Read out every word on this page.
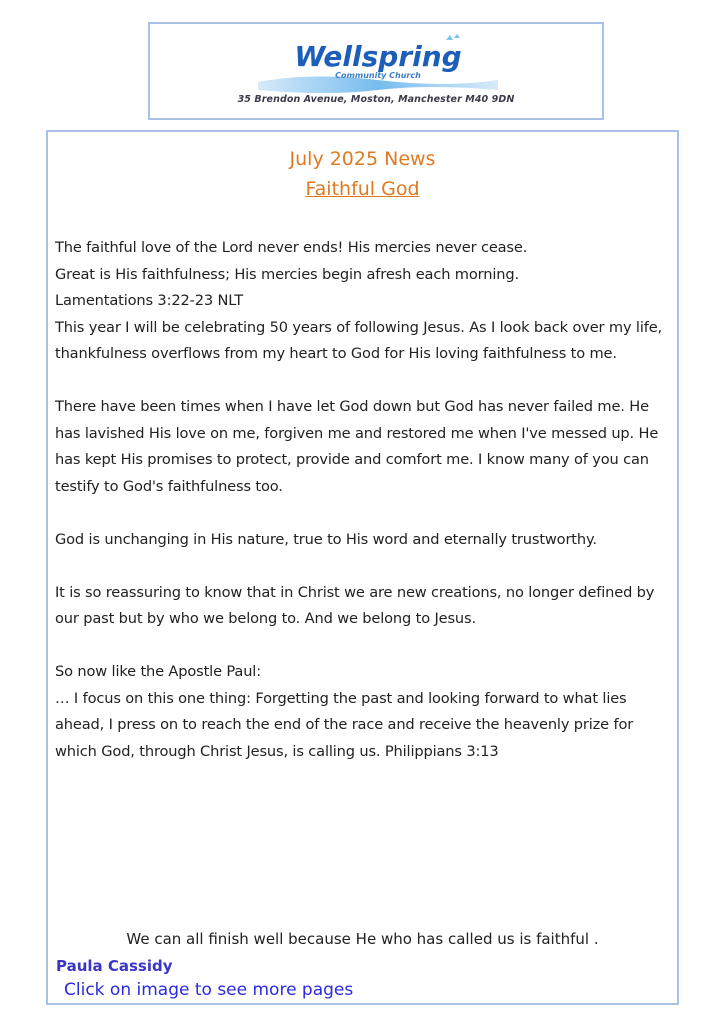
Wellspring
Community Church
35 Brendon Avenue, Moston, Manchester M40 9DN
July 2025 News
Faithful God
The faithful love of the Lord never ends! His mercies never cease.
Great is His faithfulness; His mercies begin afresh each morning.
Lamentations 3:22-23 NLT
This year I will be celebrating 50 years of following Jesus. As I look back over my life, thankfulness overflows from my heart to God for His loving faithfulness to me.

There have been times when I have let God down but God has never failed me. He has lavished His love on me, forgiven me and restored me when I've messed up. He has kept His promises to protect, provide and comfort me. I know many of you can testify to God's faithfulness too.

God is unchanging in His nature, true to His word and eternally trustworthy.

It is so reassuring to know that in Christ we are new creations, no longer defined by our past but by who we belong to. And we belong to Jesus.

So now like the Apostle Paul:
… I focus on this one thing: Forgetting the past and looking forward to what lies ahead, I press on to reach the end of the race and receive the heavenly prize for which God, through Christ Jesus, is calling us. Philippians 3:13
We can all finish well because He who has called us is faithful .
Paula Cassidy
Click on image to see more pages
